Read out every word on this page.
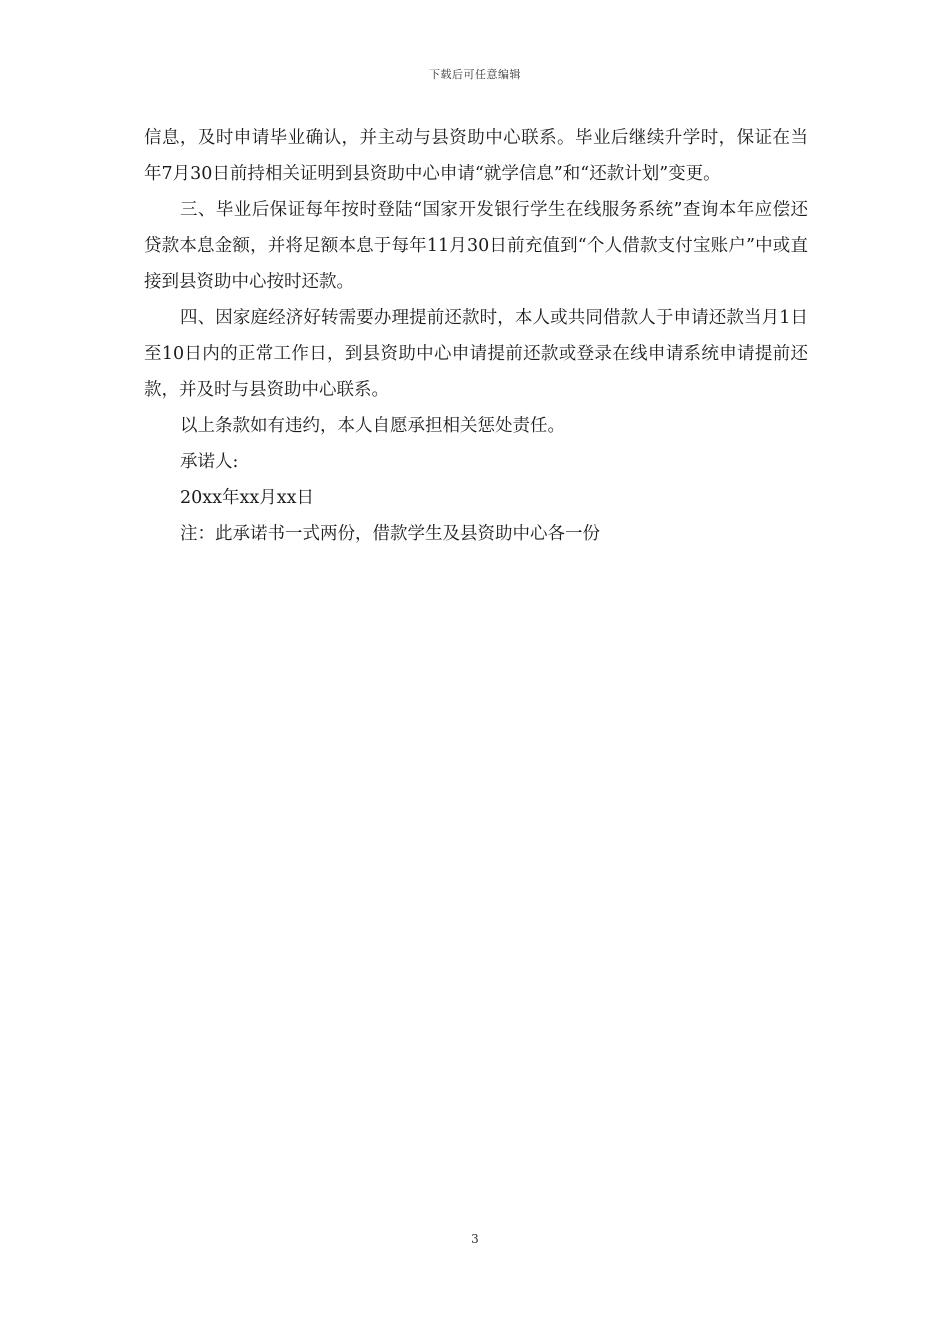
下载后可任意编辑

信息，及时申请毕业确认，并主动与县资助中心联系。毕业后继续升学时，保证在当年7月30日前持相关证明到县资助中心申请“就学信息”和“还款计划”变更。

三、毕业后保证每年按时登陆“国家开发银行学生在线服务系统”查询本年应偿还贷款本息金额，并将足额本息于每年11月30日前充值到“个人借款支付宝账户”中或直接到县资助中心按时还款。

四、因家庭经济好转需要办理提前还款时，本人或共同借款人于申请还款当月1日至10日内的正常工作日，到县资助中心申请提前还款或登录在线申请系统申请提前还款，并及时与县资助中心联系。

以上条款如有违约，本人自愿承担相关惩处责任。

承诺人:

20xx年xx月xx日

注：此承诺书一式两份，借款学生及县资助中心各一份

3
